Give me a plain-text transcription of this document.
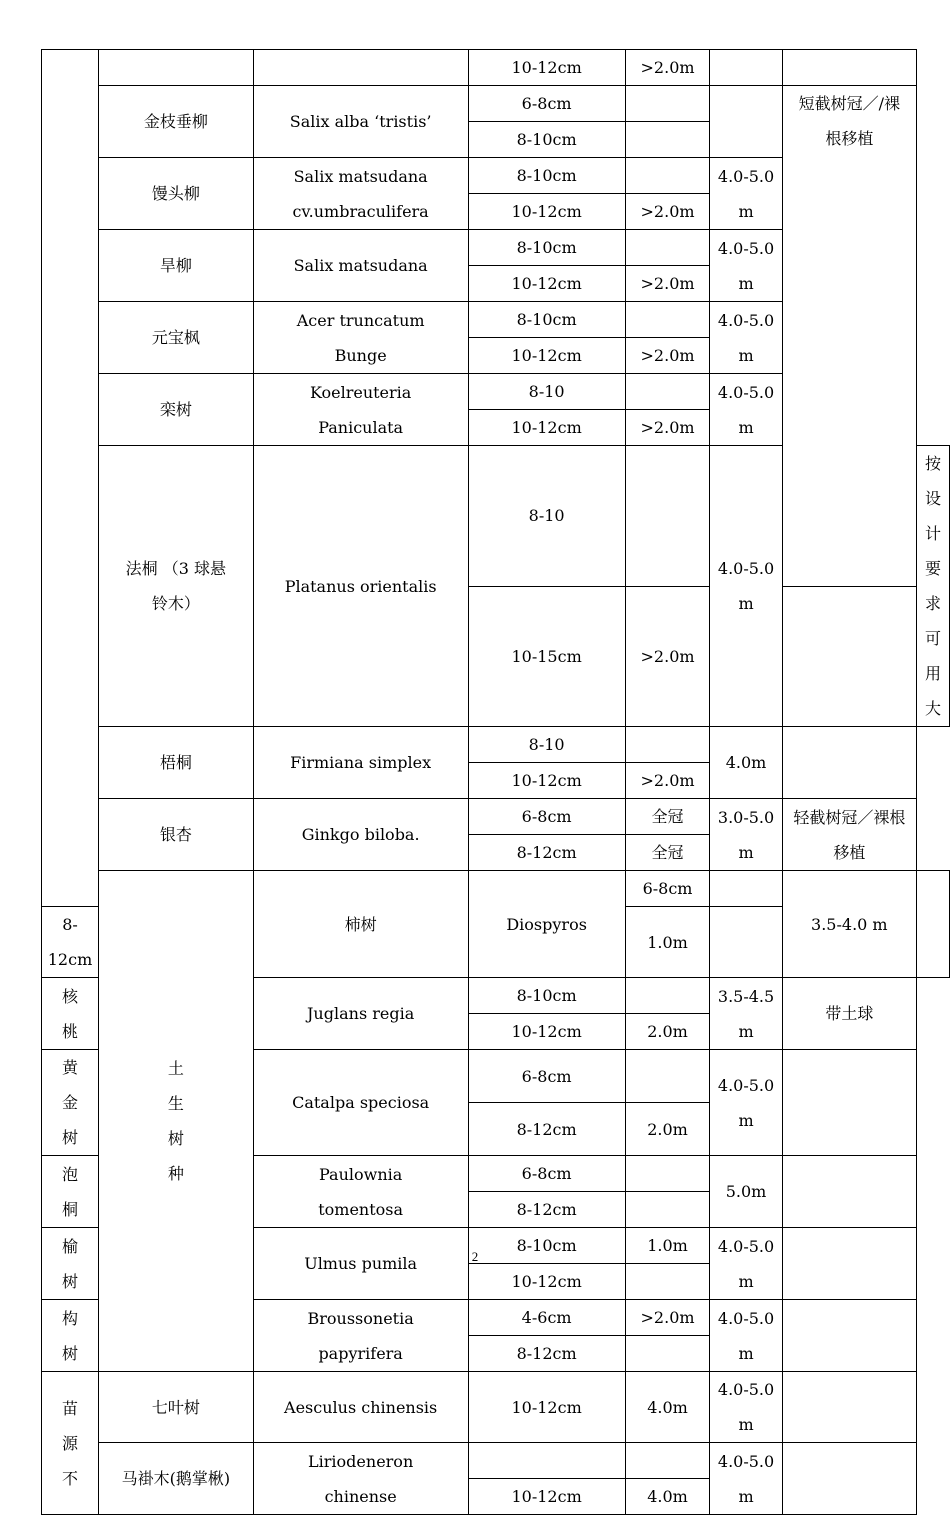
			10-12cm	>2.0m			
	金枝垂柳	Salix alba ‘tristis’	6-8cm			短截树冠／/裸根移植	
			8-10cm				
	馒头柳	Salix matsudana cv.umbraculifera	8-10cm		4.0-5.0 m		
			10-12cm	>2.0m			
	旱柳	Salix matsudana	8-10cm		4.0-5.0 m		
			10-12cm	>2.0m			
	元宝枫	Acer truncatum Bunge	8-10cm		4.0-5.0 m		
			10-12cm	>2.0m			
	栾树	Koelreuteria Paniculata	8-10		4.0-5.0 m		
			10-12cm	>2.0m			
	法桐 （3 球悬铃木）	Platanus orientalis	8-10		4.0-5.0 m		按设计要求可用大
			10-15cm	>2.0m			
	梧桐	Firmiana simplex	8-10		4.0m		
			10-12cm	>2.0m			
	银杏	Ginkgo biloba.	6-8cm	全冠	3.0-5.0 m	轻截树冠／裸根移植	
			8-12cm	全冠			

	土生树种	柿树	Diospyros	6-8cm		3.5-4.0 m	
8-12cm				1.0m			
核桃		Juglans regia	8-10cm		3.5-4.5 m	带土球	
			10-12cm	2.0m			
黄金树		Catalpa speciosa	6-8cm		4.0-5.0 m		
			8-12cm	2.0m			
泡桐		Paulownia tomentosa	6-8cm		5.0m		
			8-12cm				
榆树		Ulmus pumila	8-10cm	1.0m	4.0-5.0 m		
			10-12cm				
构树		Broussonetia papyrifera	4-6cm	>2.0m	4.0-5.0 m		
			8-12cm				

苗源不	七叶树	Aesculus chinensis	10-12cm	4.0m	4.0-5.0 m		
	马褂木(鹅掌楸)	Liriodeneron chinense			4.0-5.0 m		
			10-12cm	4.0m			
2
